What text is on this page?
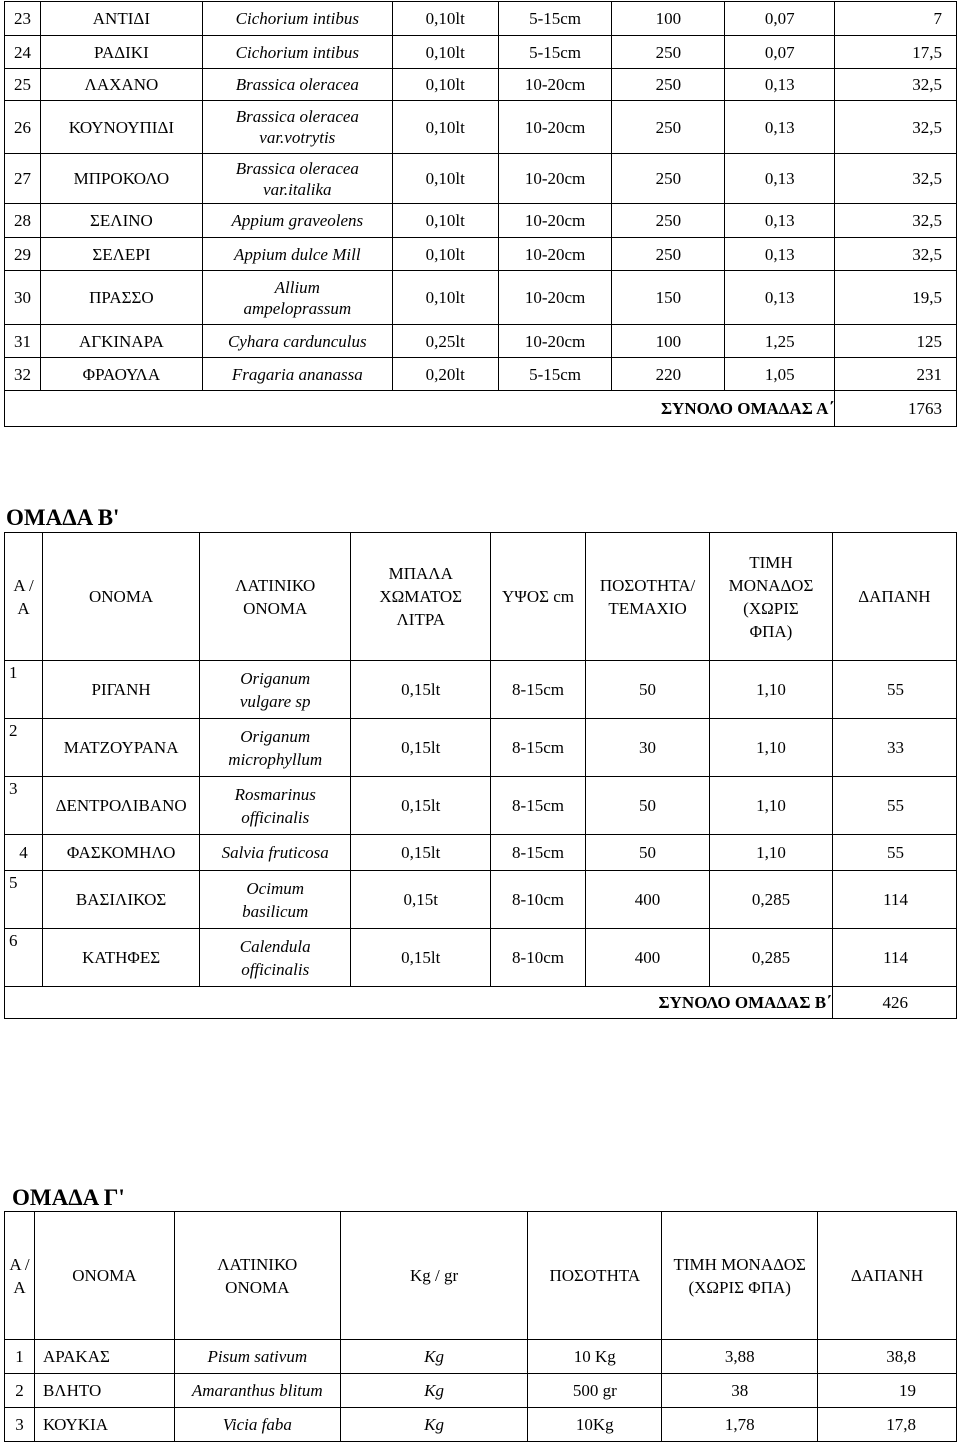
23	ΑΝΤΙΔΙ	Cichorium intibus	0,10lt	5-15cm	100	0,07	7
24	ΡΑΔΙΚΙ	Cichorium intibus	0,10lt	5-15cm	250	0,07	17,5
25	ΛΑΧΑΝΟ	Brassica oleracea	0,10lt	10-20cm	250	0,13	32,5
26	ΚΟΥΝΟΥΠΙΔΙ	Brassica oleracea var.votrytis	0,10lt	10-20cm	250	0,13	32,5
27	ΜΠΡΟΚΟΛΟ	Brassica oleracea var.italika	0,10lt	10-20cm	250	0,13	32,5
28	ΣΕΛΙΝΟ	Appium graveolens	0,10lt	10-20cm	250	0,13	32,5
29	ΣΕΛΕΡΙ	Appium dulce Mill	0,10lt	10-20cm	250	0,13	32,5
30	ΠΡΑΣΣΟ	Allium ampeloprassum	0,10lt	10-20cm	150	0,13	19,5
31	ΑΓΚΙΝΑΡΑ	Cyhara cardunculus	0,25lt	10-20cm	100	1,25	125
32	ΦΡΑΟΥΛΑ	Fragaria ananassa	0,20lt	5-15cm	220	1,05	231
ΣΥΝΟΛΟ ΟΜΑΔΑΣ Α΄							1763
ΟΜΑΔΑ Β'
Α / Α	ΟΝΟΜΑ	ΛΑΤΙΝΙΚΟ ΟΝΟΜΑ	ΜΠΑΛΑ ΧΩΜΑΤΟΣ ΛΙΤΡΑ	ΥΨΟΣ cm	ΠΟΣΟΤΗΤΑ/ ΤΕΜΑΧΙΟ	ΤΙΜΗ ΜΟΝΑΔΟΣ (ΧΩΡΙΣ ΦΠΑ)	ΔΑΠΑΝΗ
1	ΡΙΓΑΝΗ	Origanum vulgare sp	0,15lt	8-15cm	50	1,10	55
2	ΜΑΤΖΟΥΡΑΝΑ	Origanum microphyllum	0,15lt	8-15cm	30	1,10	33
3	ΔΕΝΤΡΟΛΙΒΑΝΟ	Rosmarinus officinalis	0,15lt	8-15cm	50	1,10	55
4	ΦΑΣΚΟΜΗΛΟ	Salvia fruticosa	0,15lt	8-15cm	50	1,10	55
5	ΒΑΣΙΛΙΚΟΣ	Ocimum basilicum	0,15t	8-10cm	400	0,285	114
6	ΚΑΤΗΦΕΣ	Calendula officinalis	0,15lt	8-10cm	400	0,285	114
ΣΥΝΟΛΟ ΟΜΑΔΑΣ Β΄							426
ΟΜΑΔΑ Γ'
Α / Α	ΟΝΟΜΑ	ΛΑΤΙΝΙΚΟ ΟΝΟΜΑ	Kg / gr	ΠΟΣΟΤΗΤΑ	ΤΙΜΗ ΜΟΝΑΔΟΣ (ΧΩΡΙΣ ΦΠΑ)	ΔΑΠΑΝΗ
1	ΑΡΑΚΑΣ	Pisum sativum	Kg	10 Kg	3,88	38,8
2	ΒΛΗΤΟ	Amaranthus blitum	Kg	500 gr	38	19
3	ΚΟΥΚΙΑ	Vicia faba	Kg	10Kg	1,78	17,8
